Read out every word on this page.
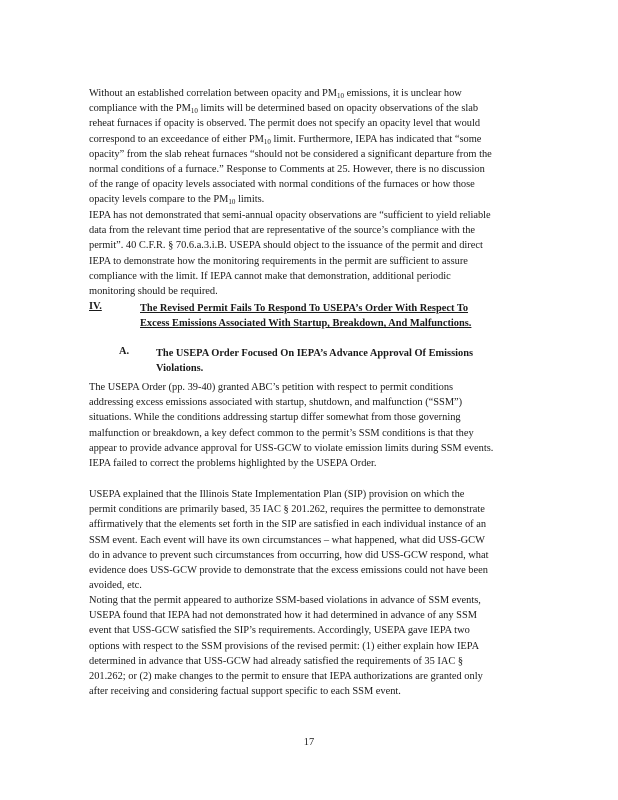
Without an established correlation between opacity and $PM_{10}$ emissions, it is unclear how
compliance with the $PM_{10}$ limits will be determined based on opacity observations of the slab
reheat furnaces if opacity is observed. The permit does not specify an opacity level that would
correspond to an exceedance of either $PM_{10}$ limit. Furthermore, IEPA has indicated that “some
opacity” from the slab reheat furnaces “should not be considered a significant departure from the
normal conditions of a furnace.” Response to Comments at 25. However, there is no discussion
of the range of opacity levels associated with normal conditions of the furnaces or how those
opacity levels compare to the $PM_{10}$ limits.
IEPA has not demonstrated that semi-annual opacity observations are “sufficient to yield reliable
data from the relevant time period that are representative of the source’s compliance with the
permit”. 40 C.F.R. § 70.6.a.3.i.B. USEPA should object to the issuance of the permit and direct
IEPA to demonstrate how the monitoring requirements in the permit are sufficient to assure
compliance with the limit. If IEPA cannot make that demonstration, additional periodic
monitoring should be required.
IV.	The Revised Permit Fails To Respond To USEPA’s Order With Respect To
Excess Emissions Associated With Startup, Breakdown, And Malfunctions.
A.	The USEPA Order Focused On IEPA’s Advance Approval Of Emissions
Violations.
The USEPA Order (pp. 39-40) granted ABC’s petition with respect to permit conditions
addressing excess emissions associated with startup, shutdown, and malfunction (“SSM”)
situations. While the conditions addressing startup differ somewhat from those governing
malfunction or breakdown, a key defect common to the permit’s SSM conditions is that they
appear to provide advance approval for USS-GCW to violate emission limits during SSM events.
IEPA failed to correct the problems highlighted by the USEPA Order.
USEPA explained that the Illinois State Implementation Plan (SIP) provision on which the
permit conditions are primarily based, 35 IAC § 201.262, requires the permittee to demonstrate
affirmatively that the elements set forth in the SIP are satisfied in each individual instance of an
SSM event. Each event will have its own circumstances – what happened, what did USS-GCW
do in advance to prevent such circumstances from occurring, how did USS-GCW respond, what
evidence does USS-GCW provide to demonstrate that the excess emissions could not have been
avoided, etc.
Noting that the permit appeared to authorize SSM-based violations in advance of SSM events,
USEPA found that IEPA had not demonstrated how it had determined in advance of any SSM
event that USS-GCW satisfied the SIP’s requirements. Accordingly, USEPA gave IEPA two
options with respect to the SSM provisions of the revised permit: (1) either explain how IEPA
determined in advance that USS-GCW had already satisfied the requirements of 35 IAC §
201.262; or (2) make changes to the permit to ensure that IEPA authorizations are granted only
after receiving and considering factual support specific to each SSM event.
17
